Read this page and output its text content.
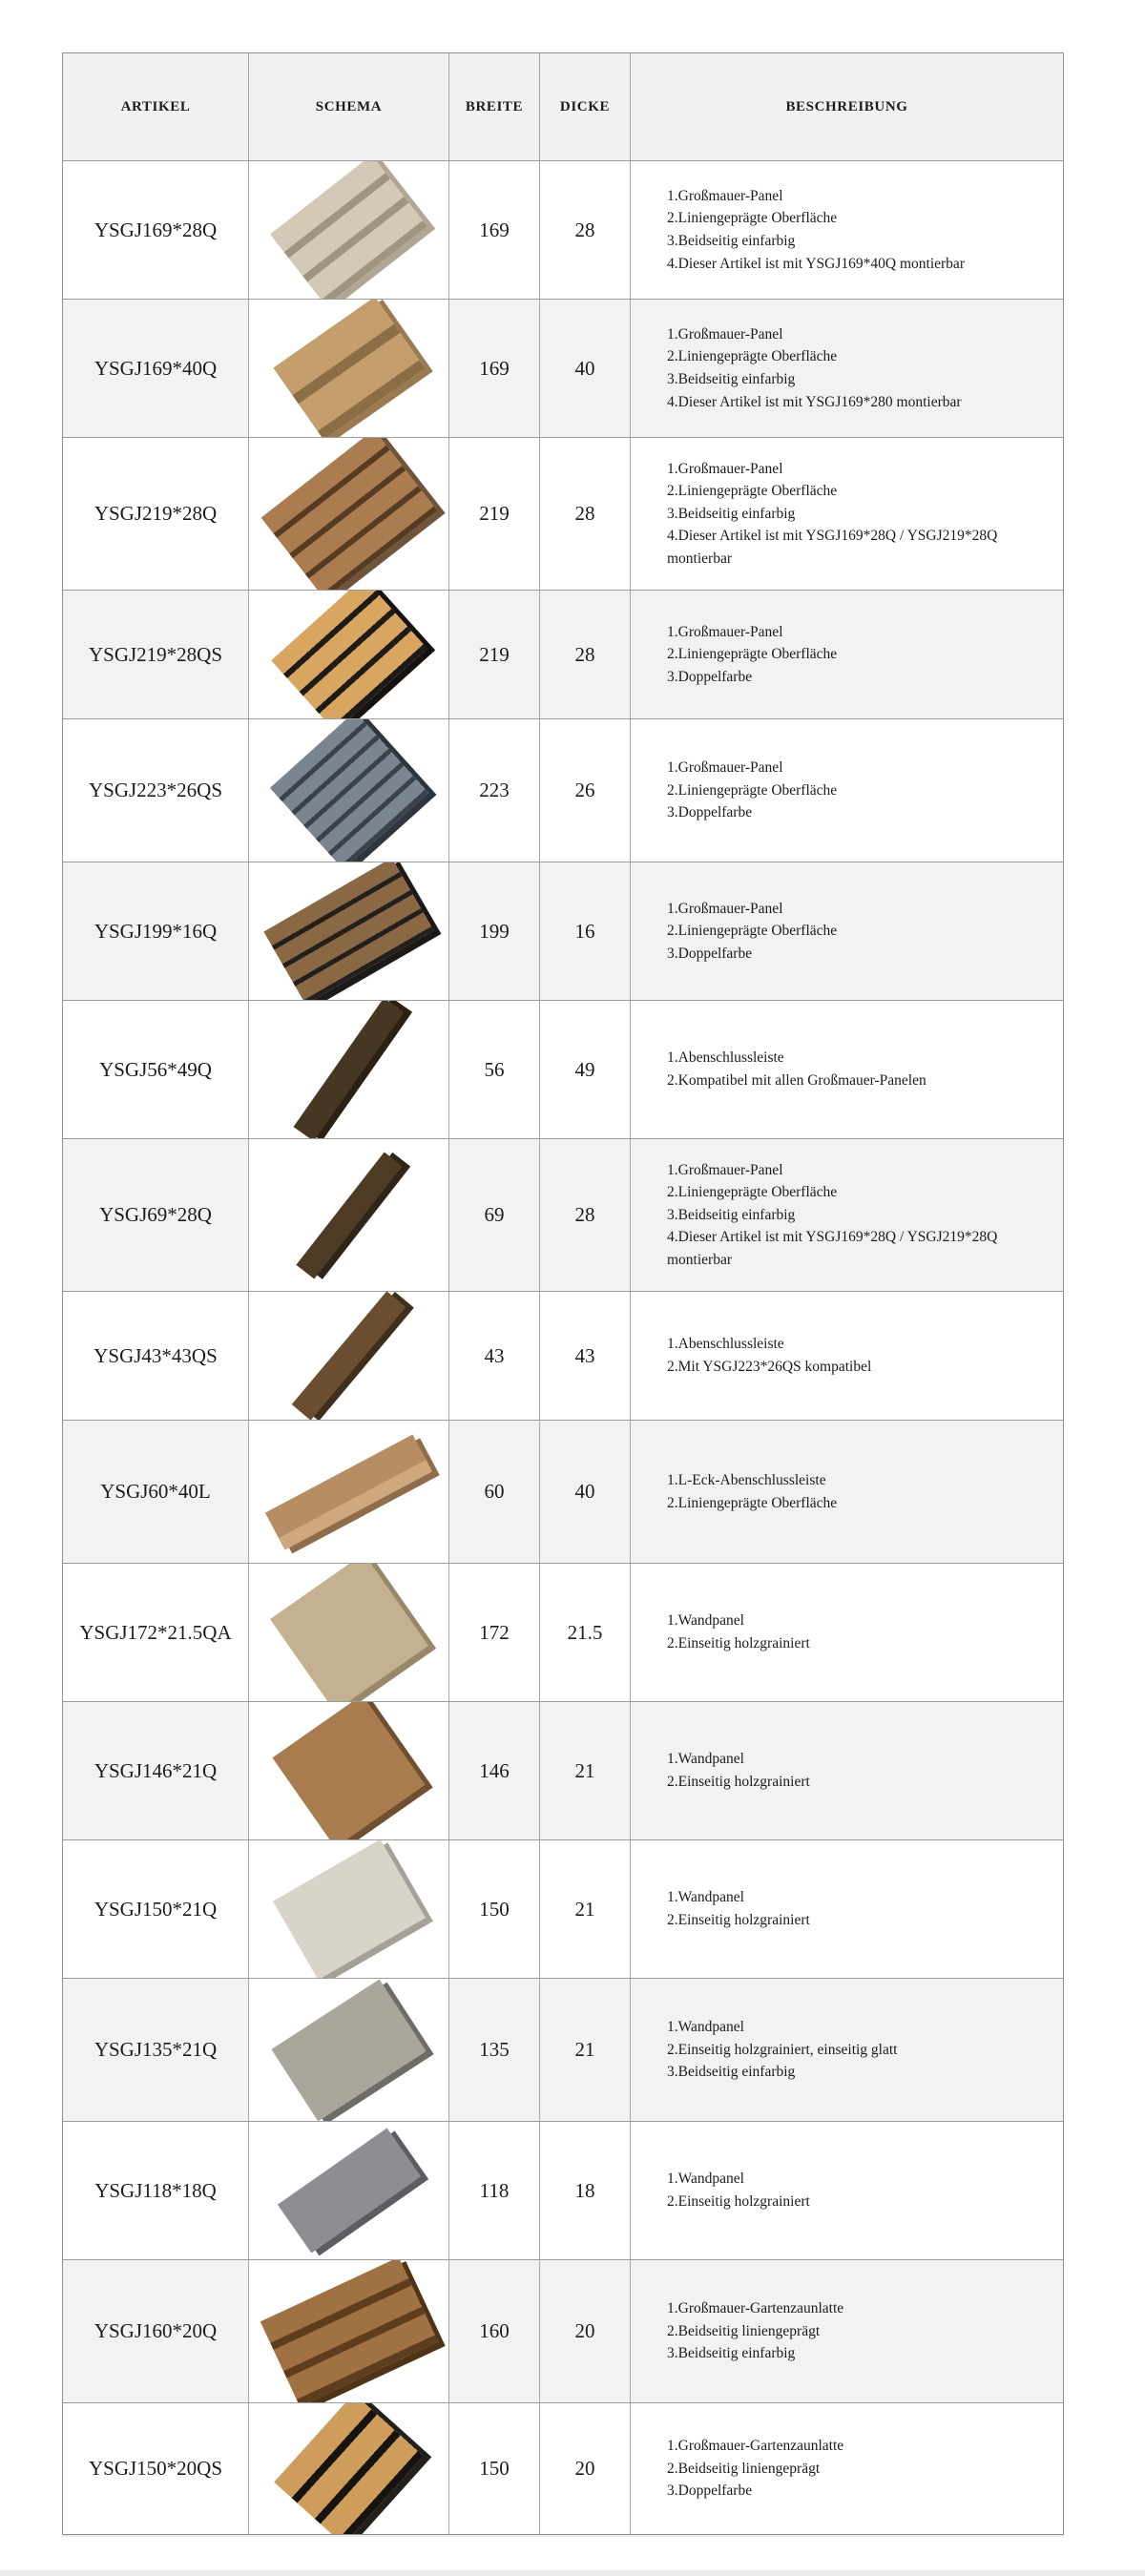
ARTIKEL	SCHEMA	BREITE	DICKE	BESCHREIBUNG
YSGJ169*28Q	169	28
1.Großmauer-Panel
2.Liniengeprägte Oberfläche
3.Beidseitig einfarbig
4.Dieser Artikel ist mit YSGJ169*40Q montierbar
YSGJ169*40Q	169	40
1.Großmauer-Panel
2.Liniengeprägte Oberfläche
3.Beidseitig einfarbig
4.Dieser Artikel ist mit YSGJ169*280 montierbar
YSGJ219*28Q	219	28
1.Großmauer-Panel
2.Liniengeprägte Oberfläche
3.Beidseitig einfarbig
4.Dieser Artikel ist mit YSGJ169*28Q / YSGJ219*28Q montierbar
YSGJ219*28QS	219	28
1.Großmauer-Panel
2.Liniengeprägte Oberfläche
3.Doppelfarbe
YSGJ223*26QS	223	26
1.Großmauer-Panel
2.Liniengeprägte Oberfläche
3.Doppelfarbe
YSGJ199*16Q	199	16
1.Großmauer-Panel
2.Liniengeprägte Oberfläche
3.Doppelfarbe
YSGJ56*49Q	56	49	1.Abenschlussleiste
2.Kompatibel mit allen Großmauer-Panelen
YSGJ69*28Q	69	28
1.Großmauer-Panel
2.Liniengeprägte Oberfläche
3.Beidseitig einfarbig
4.Dieser Artikel ist mit YSGJ169*28Q / YSGJ219*28Q montierbar
YSGJ43*43QS	43	43	1.Abenschlussleiste
2.Mit YSGJ223*26QS kompatibel
YSGJ60*40L	60	40	1.L-Eck-Abenschlussleiste
2.Liniengeprägte Oberfläche
YSGJ172*21.5QA	172	21.5	1.Wandpanel
2.Einseitig holzgrainiert
YSGJ146*21Q	146	21	1.Wandpanel
2.Einseitig holzgrainiert
YSGJ150*21Q	150	21	1.Wandpanel
2.Einseitig holzgrainiert
YSGJ135*21Q	135	21
1.Wandpanel
2.Einseitig holzgrainiert, einseitig glatt
3.Beidseitig einfarbig
YSGJ118*18Q	118	18	1.Wandpanel
2.Einseitig holzgrainiert
YSGJ160*20Q	160	20
1.Großmauer-Gartenzaunlatte
2.Beidseitig liniengeprägt
3.Beidseitig einfarbig
YSGJ150*20QS	150	20
1.Großmauer-Gartenzaunlatte
2.Beidseitig liniengeprägt
3.Doppelfarbe
